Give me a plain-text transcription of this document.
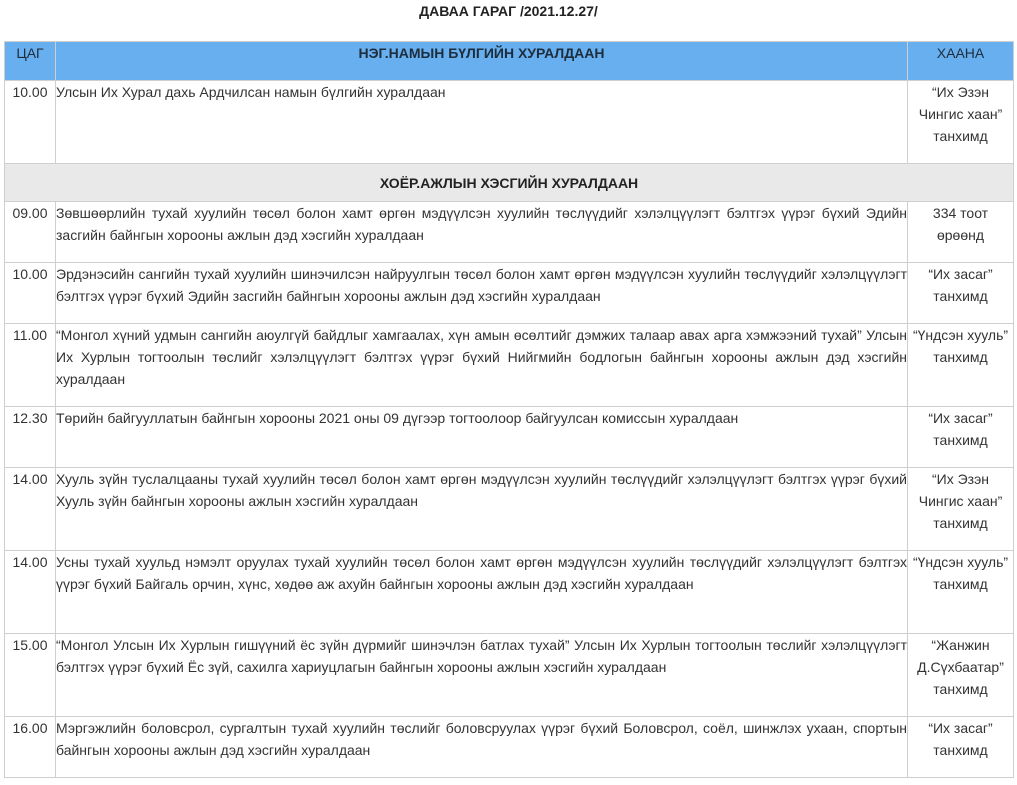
ДАВАА ГАРАГ /2021.12.27/
ЦАГ	НЭГ.НАМЫН БҮЛГИЙН ХУРАЛДААН	ХААНА
10.00	Улсын Их Хурал дахь Ардчилсан намын бүлгийн хуралдаан	“Их Эзэн Чингис хаан” танхимд
ХОЁР.АЖЛЫН ХЭСГИЙН ХУРАЛДААН		
09.00	Зөвшөөрлийн тухай хуулийн төсөл болон хамт өргөн мэдүүлсэн хуулийн төслүүдийг хэлэлцүүлэгт бэлтгэх үүрэг бүхий Эдийн засгийн байнгын хорооны ажлын дэд хэсгийн хуралдаан	334 тоот өрөөнд
10.00	Эрдэнэсийн сангийн тухай хуулийн шинэчилсэн найруулгын төсөл болон хамт өргөн мэдүүлсэн хуулийн төслүүдийг хэлэлцүүлэгт бэлтгэх үүрэг бүхий Эдийн засгийн байнгын хорооны ажлын дэд хэсгийн хуралдаан	“Их засаг” танхимд
11.00	“Монгол хүний удмын сангийн аюулгүй байдлыг хамгаалах, хүн амын өсөлтийг дэмжих талаар авах арга хэмжээний тухай” Улсын Их Хурлын тогтоолын төслийг хэлэлцүүлэгт бэлтгэх үүрэг бүхий Нийгмийн бодлогын байнгын хорооны ажлын дэд хэсгийн хуралдаан	“Үндсэн хууль” танхимд
12.30	Төрийн байгууллатын байнгын хорооны 2021 оны 09 дүгээр тогтоолоор байгуулсан комиссын хуралдаан	“Их засаг” танхимд
14.00	Хууль зүйн туслалцааны тухай хуулийн төсөл болон хамт өргөн мэдүүлсэн хуулийн төслүүдийг хэлэлцүүлэгт бэлтгэх үүрэг бүхий Хууль зүйн байнгын хорооны ажлын хэсгийн хуралдаан	“Их Эзэн Чингис хаан” танхимд
14.00	Усны тухай хуульд нэмэлт оруулах тухай хуулийн төсөл болон хамт өргөн мэдүүлсэн хуулийн төслүүдийг хэлэлцүүлэгт бэлтгэх үүрэг бүхий Байгаль орчин, хүнс, хөдөө аж ахуйн байнгын хорооны ажлын дэд хэсгийн хуралдаан	“Үндсэн хууль” танхимд
15.00	“Монгол Улсын Их Хурлын гишүүний ёс зүйн дүрмийг шинэчлэн батлах тухай” Улсын Их Хурлын тогтоолын төслийг хэлэлцүүлэгт бэлтгэх үүрэг бүхий Ёс зүй, сахилга хариуцлагын байнгын хорооны ажлын хэсгийн хуралдаан	“Жанжин Д.Сүхбаатар” танхимд
16.00	Мэргэжлийн боловсрол, сургалтын тухай хуулийн төслийг боловсруулах үүрэг бүхий Боловсрол, соёл, шинжлэх ухаан, спортын байнгын хорооны ажлын дэд хэсгийн хуралдаан	“Их засаг” танхимд
